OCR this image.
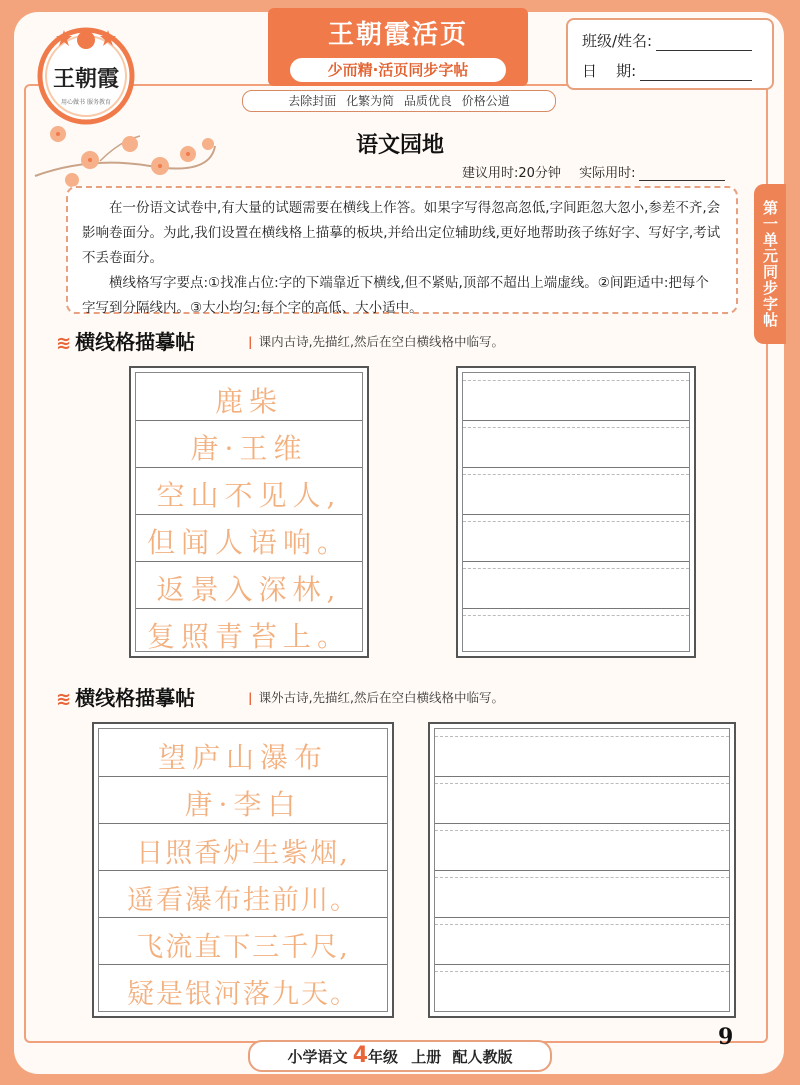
王朝霞
用心做书 服务教育
王朝霞活页
少而精·活页同步字帖
去除封面 化繁为简 品质优良 价格公道
班级/姓名:
日    期:
语文园地
建议用时:20分钟 实际用时:

在一份语文试卷中,有大量的试题需要在横线上作答。如果字写得忽高忽低,字间距忽大忽小,参差不齐,会影响卷面分。为此,我们设置在横线格上描摹的板块,并给出定位辅助线,更好地帮助孩子练好字、写好字,考试不丢卷面分。

横线格写字要点:①找准占位:字的下端靠近下横线,但不紧贴,顶部不超出上端虚线。②间距适中:把每个字写到分隔线内。③大小均匀:每个字的高低、大小适中。	第一单元同步字帖
≋ 横线格描摹帖	| 课内古诗,先描红,然后在空白横线格中临写。
鹿柴
唐·王维
空山不见人,
但闻人语响。
返景入深林,
复照青苔上。
≋ 横线格描摹帖	| 课外古诗,先描红,然后在空白横线格中临写。
望庐山瀑布
唐·李白
日照香炉生紫烟,
遥看瀑布挂前川。
飞流直下三千尺,
疑是银河落九天。
小学语文 4年级 上册 配人教版
9
